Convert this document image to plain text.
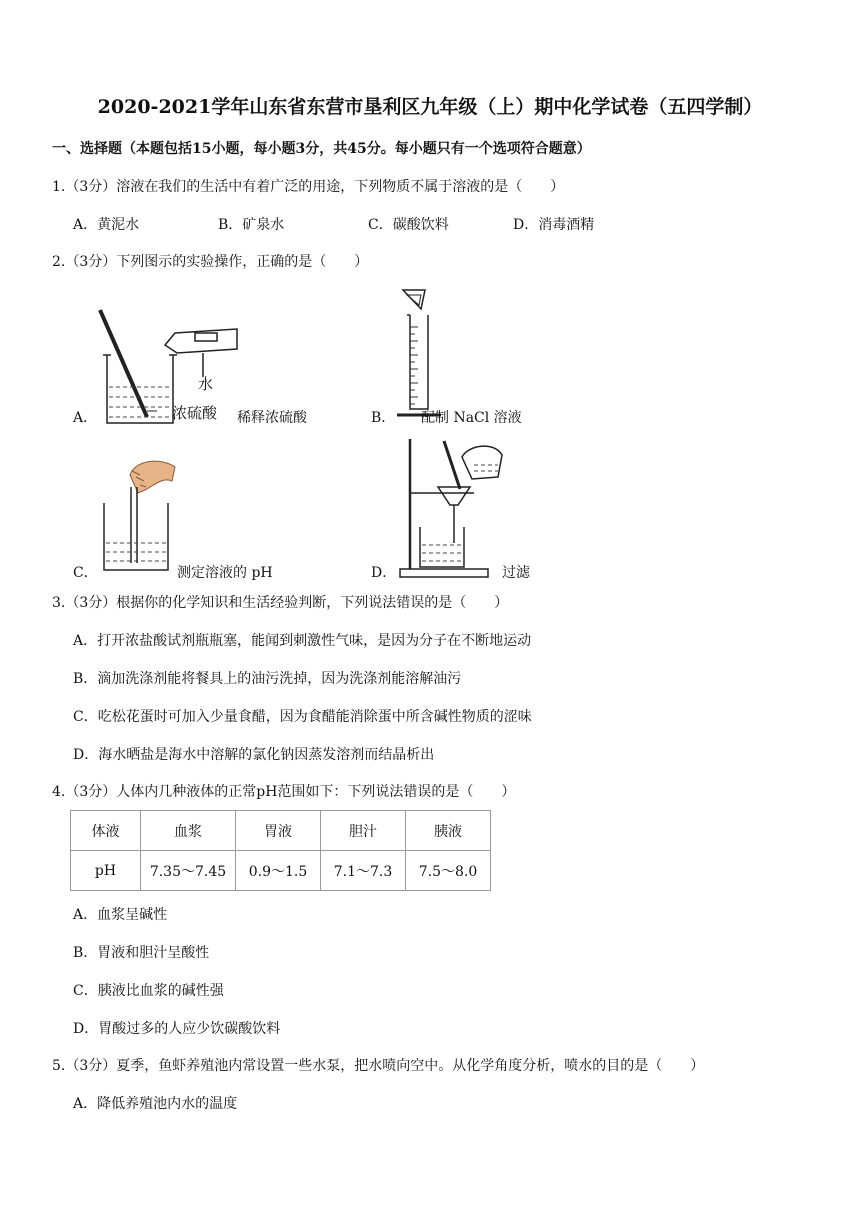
2020-2021学年山东省东营市垦利区九年级（上）期中化学试卷（五四学制）
一、选择题（本题包括15小题，每小题3分，共45分。每小题只有一个选项符合题意）
1.（3分）溶液在我们的生活中有着广泛的用途，下列物质不属于溶液的是（　　）
A．黄泥水	B．矿泉水	C．碳酸饮料	D．消毒酒精
2.（3分）下列图示的实验操作，正确的是（　　）
A．
水
浓硫酸 稀释浓硫酸	B． 配制 NaCl 溶液
C．	测定溶液的 pH	D．	过滤
3.（3分）根据你的化学知识和生活经验判断，下列说法错误的是（　　）
A．打开浓盐酸试剂瓶瓶塞，能闻到刺激性气味，是因为分子在不断地运动
B．滴加洗涤剂能将餐具上的油污洗掉，因为洗涤剂能溶解油污
C．吃松花蛋时可加入少量食醋，因为食醋能消除蛋中所含碱性物质的涩味
D．海水晒盐是海水中溶解的氯化钠因蒸发溶剂而结晶析出
4.（3分）人体内几种液体的正常pH范围如下：下列说法错误的是（　　）
体液	血浆	胃液	胆汁	胰液
pH	7.35～7.45	0.9～1.5	7.1～7.3	7.5～8.0
A．血浆呈碱性
B．胃液和胆汁呈酸性
C．胰液比血浆的碱性强
D．胃酸过多的人应少饮碳酸饮料
5.（3分）夏季，鱼虾养殖池内常设置一些水泵，把水喷向空中。从化学角度分析，喷水的目的是（　　）
A．降低养殖池内水的温度
